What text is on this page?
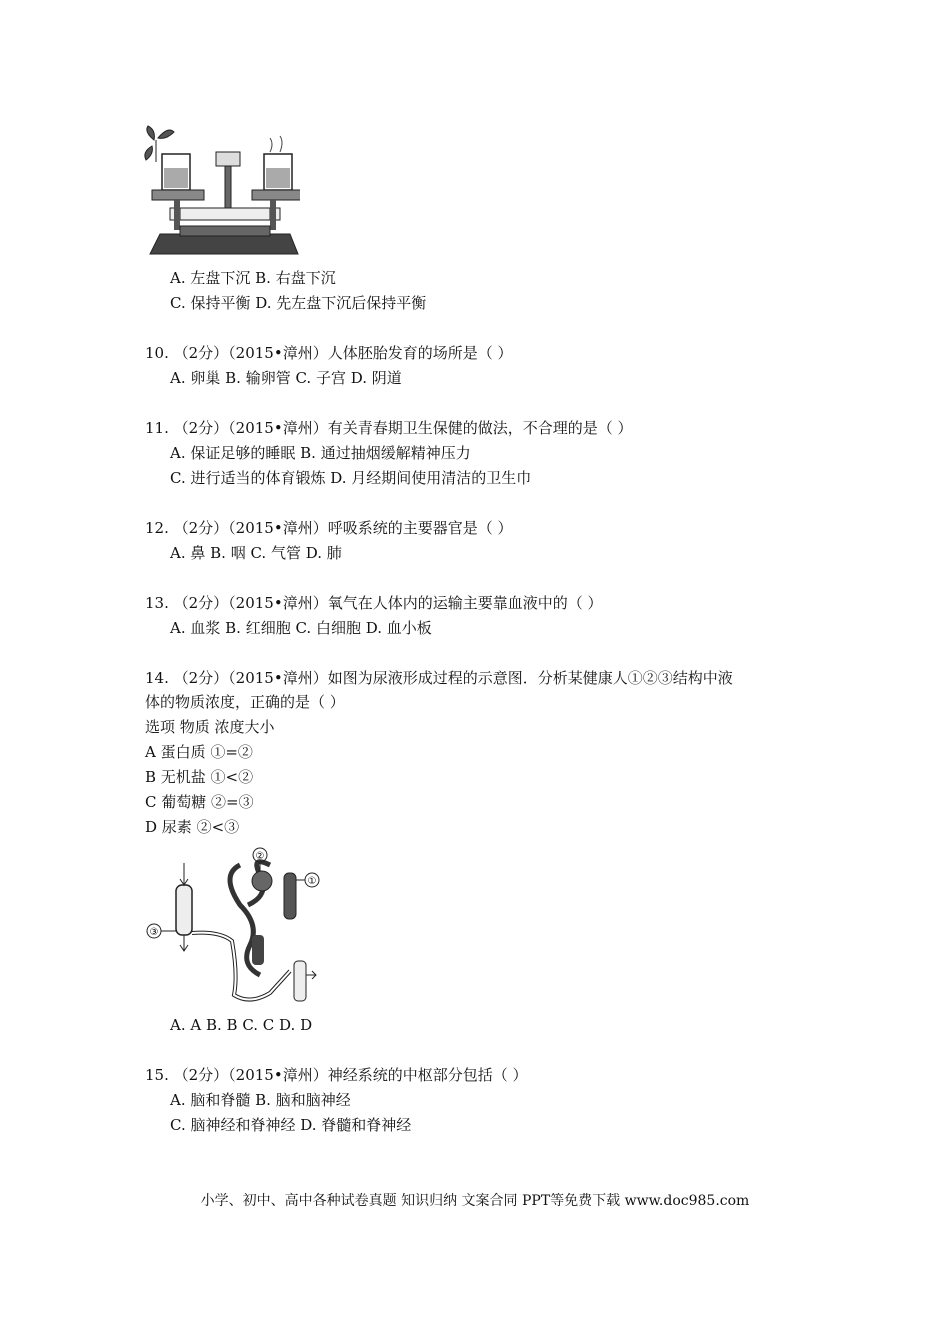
A. 左盘下沉 B. 右盘下沉
C. 保持平衡 D. 先左盘下沉后保持平衡
10. （2分）（2015•漳州）人体胚胎发育的场所是（ ）
A. 卵巢 B. 输卵管 C. 子宫 D. 阴道
11. （2分）（2015•漳州）有关青春期卫生保健的做法，不合理的是（ ）
A. 保证足够的睡眠 B. 通过抽烟缓解精神压力
C. 进行适当的体育锻炼 D. 月经期间使用清洁的卫生巾
12. （2分）（2015•漳州）呼吸系统的主要器官是（ ）
A. 鼻 B. 咽 C. 气管 D. 肺
13. （2分）（2015•漳州）氧气在人体内的运输主要靠血液中的（ ）
A. 血浆 B. 红细胞 C. 白细胞 D. 血小板
14. （2分）（2015•漳州）如图为尿液形成过程的示意图．分析某健康人①②③结构中液
体的物质浓度，正确的是（ ）
选项 物质 浓度大小
A 蛋白质 ①=②
B 无机盐 ①<②
C 葡萄糖 ②=③
D 尿素 ②<③
③
①
②
A. A B. B C. C D. D
15. （2分）（2015•漳州）神经系统的中枢部分包括（ ）
A. 脑和脊髓 B. 脑和脑神经
C. 脑神经和脊神经 D. 脊髓和脊神经
小学、初中、高中各种试卷真题 知识归纳 文案合同 PPT等免费下载 www.doc985.com
